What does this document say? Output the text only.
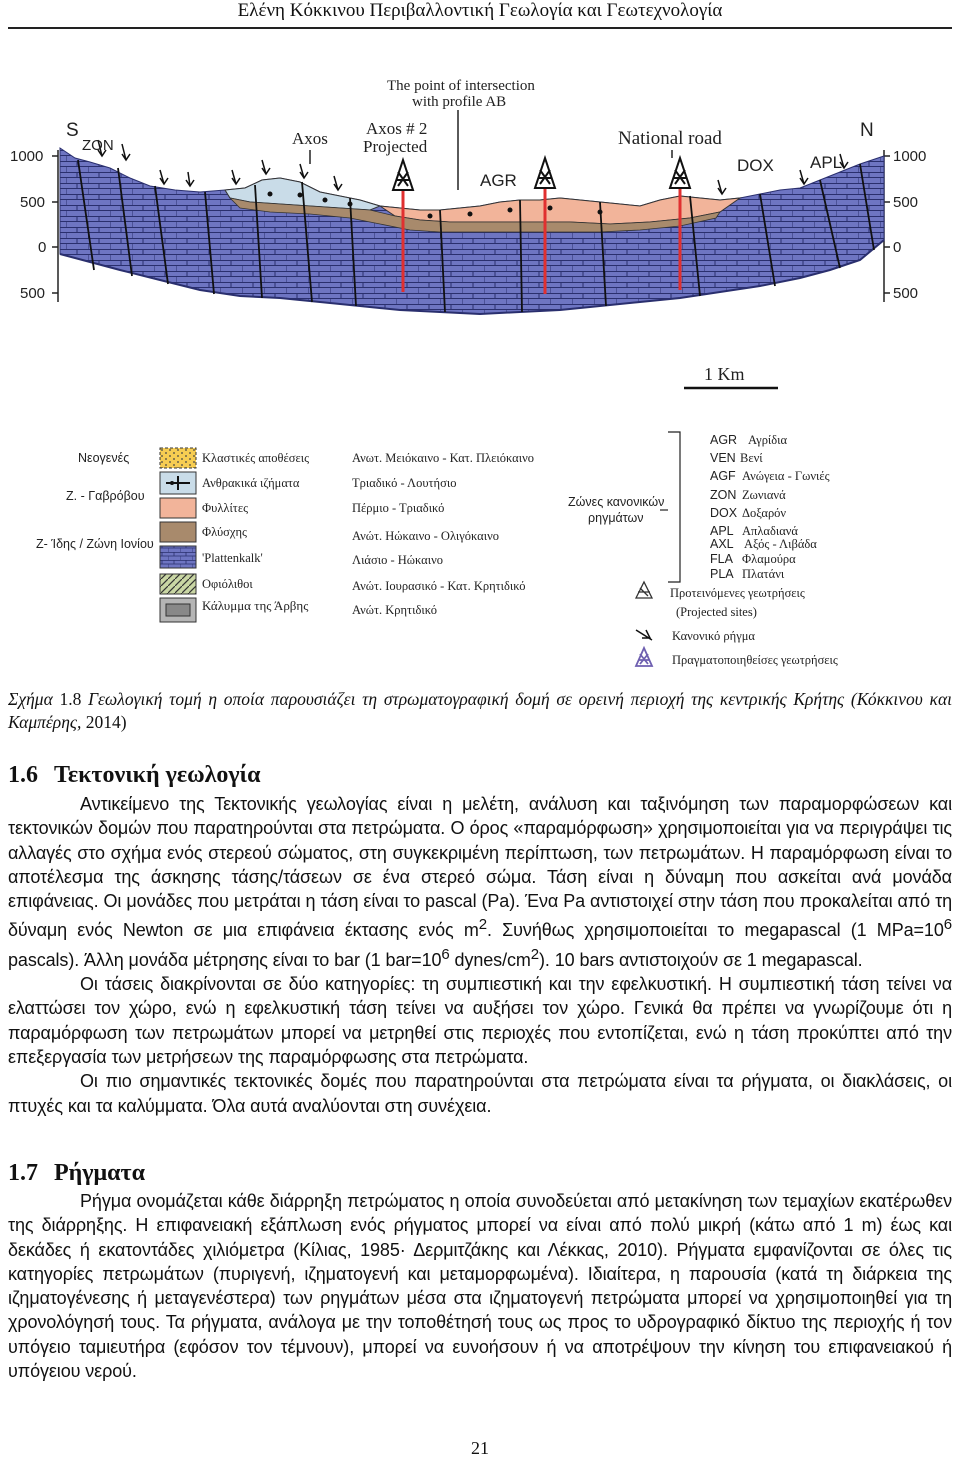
Ελένη Κόκκινου Περιβαλλοντική Γεωλογία και Γεωτεχνολογία
1000
500
0
500
1000
500
0
500
S
ZON	Axos
Axos # 2
Projected
The point of intersection
with profile AB
AGR
National road
DOX APL
N
1 Km
Νεογενές
Ζ. - Γαβρόβου
Ζ- Ίδης / Ζώνη Ιονίου
Κλαστικές αποθέσεις
Ανθρακικά ιζήματα
Φυλλίτες
Φλύσχης
'Plattenkalk'
Οφιόλιθοι
Κάλυμμα της Άρβης
Ανωτ. Μειόκαινο - Κατ. Πλειόκαινο
Τριαδικό - Λουτήσιο
Πέρμιο - Τριαδικό
Ανώτ. Ηώκαινο - Ολιγόκαινο
Λιάσιο - Ηώκαινο
Ανώτ. Ιουρασικό - Κατ. Κρητιδικό
Ανώτ. Κρητιδικό
Ζώνες κανονικών
ρηγμάτων
AGR Αγρίδια
VEN Βενί
AGF Ανώγεια - Γωνιές
ZON Ζωνιανά
DOX Δοξαρόν
APL Απλαδιανά
AXL Αξός - Λιβάδα
FLA Φλαμούρα
PLA Πλατάνι
Προτεινόμενες γεωτρήσεις
(Projected sites)
Κανονικό ρήγμα
Πραγματοποιηθείσες γεωτρήσεις
Σχήμα 1.8 Γεωλογική τομή η οποία παρουσιάζει τη στρωματογραφική δομή σε ορεινή περιοχή της κεντρικής Κρήτης (Κόκκινου και Καμπέρης, 2014)
1.6 Τεκτονική γεωλογία

Αντικείμενο της Τεκτονικής γεωλογίας είναι η μελέτη, ανάλυση και ταξινόμηση των παραμορφώσεων και τεκτονικών δομών που παρατηρούνται στα πετρώματα. Ο όρος «παραμόρφωση» χρησιμοποιείται για να περιγράψει τις αλλαγές στο σχήμα ενός στερεού σώματος, στη συγκεκριμένη περίπτωση, των πετρωμάτων. Η παραμόρφωση είναι το αποτέλεσμα της άσκησης τάσης/τάσεων σε ένα στερεό σώμα. Τάση είναι η δύναμη που ασκείται ανά μονάδα επιφάνειας. Οι μονάδες που μετράται η τάση είναι το pascal (Pa). Ένα Pa αντιστοιχεί στην τάση που προκαλείται από τη δύναμη ενός Newton σε μια επιφάνεια έκτασης ενός $m^2$. Συνήθως χρησιμοποιείται το megapascal (1 $MPa=10^6$ pascals). Άλλη μονάδα μέτρησης είναι το bar (1 $bar=10^6$ dynes/$cm^2$). 10 bars αντιστοιχούν σε 1 megapascal.

Οι τάσεις διακρίνονται σε δύο κατηγορίες: τη συμπιεστική και την εφελκυστική. Η συμπιεστική τάση τείνει να ελαττώσει τον χώρο, ενώ η εφελκυστική τάση τείνει να αυξήσει τον χώρο. Γενικά θα πρέπει να γνωρίζουμε ότι η παραμόρφωση των πετρωμάτων μπορεί να μετρηθεί στις περιοχές που εντοπίζεται, ενώ η τάση προκύπτει από την επεξεργασία των μετρήσεων της παραμόρφωσης στα πετρώματα.

Οι πιο σημαντικές τεκτονικές δομές που παρατηρούνται στα πετρώματα είναι τα ρήγματα, οι διακλάσεις, οι πτυχές και τα καλύμματα. Όλα αυτά αναλύονται στη συνέχεια.

1.7 Ρήγματα

Ρήγμα ονομάζεται κάθε διάρρηξη πετρώματος η οποία συνοδεύεται από μετακίνηση των τεμαχίων εκατέρωθεν της διάρρηξης. Η επιφανειακή εξάπλωση ενός ρήγματος μπορεί να είναι από πολύ μικρή (κάτω από 1 m) έως και δεκάδες ή εκατοντάδες χιλιόμετρα (Κίλιας, 1985· Δερμιτζάκης και Λέκκας, 2010). Ρήγματα εμφανίζονται σε όλες τις κατηγορίες πετρωμάτων (πυριγενή, ιζηματογενή και μεταμορφωμένα). Ιδιαίτερα, η παρουσία (κατά τη διάρκεια της ιζηματογένεσης ή μεταγενέστερα) των ρηγμάτων μέσα στα ιζηματογενή πετρώματα μπορεί να χρησιμοποιηθεί για τη χρονολόγησή τους. Τα ρήγματα, ανάλογα με την τοποθέτησή τους ως προς το υδρογραφικό δίκτυο της περιοχής ή τον υπόγειο ταμιευτήρα (εφόσον τον τέμνουν), μπορεί να ευνοήσουν ή να αποτρέψουν την κίνηση του επιφανειακού ή υπόγειου νερού.

21
